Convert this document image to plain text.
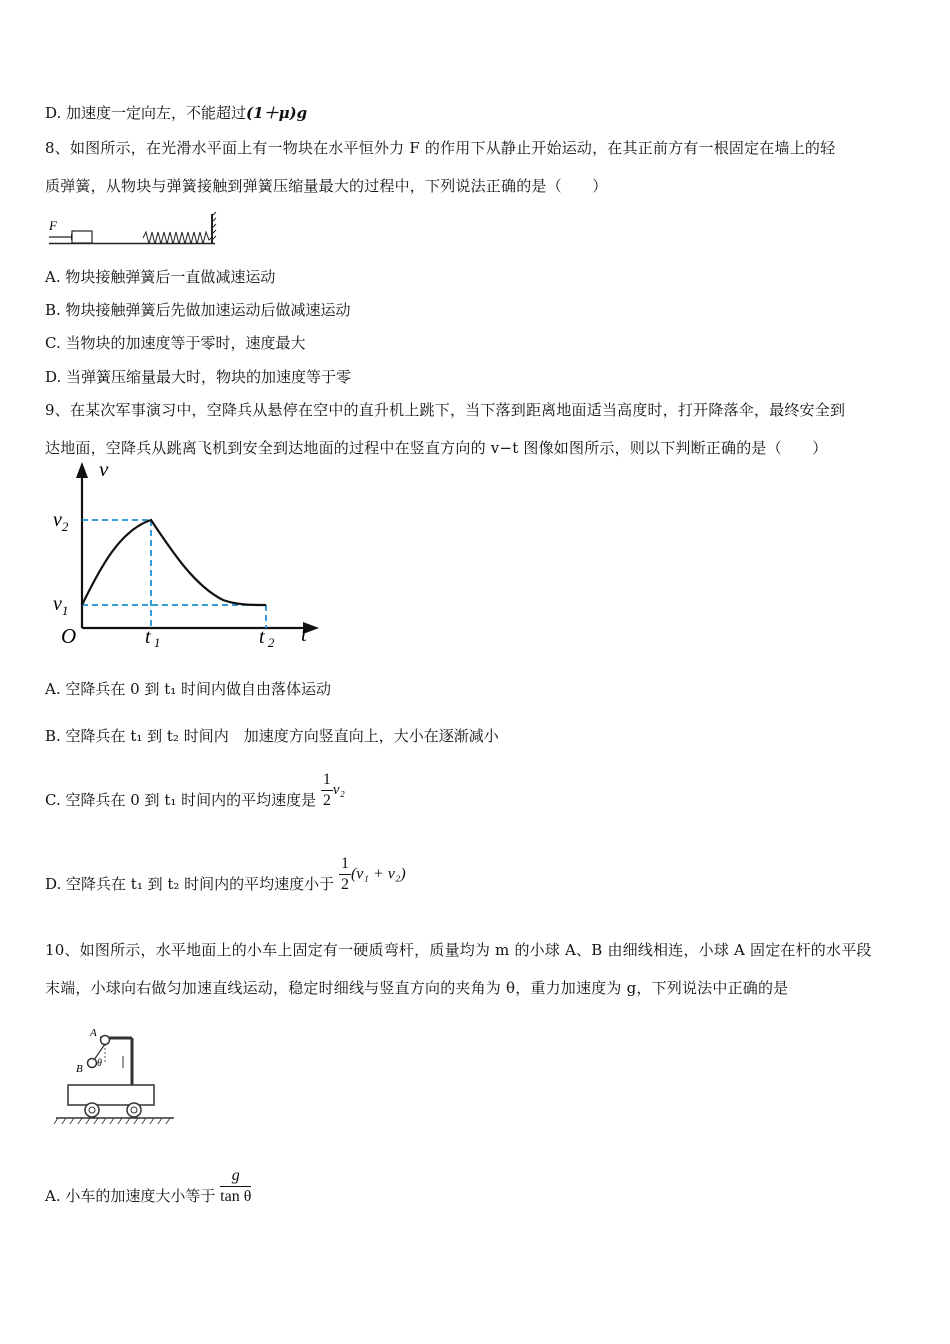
D. 加速度一定向左，不能超过(1＋μ)g
8、如图所示，在光滑水平面上有一物块在水平恒外力 F 的作用下从静止开始运动，在其正前方有一根固定在墙上的轻
质弹簧，从物块与弹簧接触到弹簧压缩量最大的过程中，下列说法正确的是（　　）
F
A. 物块接触弹簧后一直做减速运动
B. 物块接触弹簧后先做加速运动后做减速运动
C. 当物块的加速度等于零时，速度最大
D. 当弹簧压缩量最大时，物块的加速度等于零
9、在某次军事演习中，空降兵从悬停在空中的直升机上跳下，当下落到距离地面适当高度时，打开降落伞，最终安全到
达地面，空降兵从跳离飞机到安全到达地面的过程中在竖直方向的 v−t 图像如图所示，则以下判断正确的是（　　）
v
t
O
$v_2$
$v_1$
t $_1$	t $_2$
A. 空降兵在 0 到 t₁ 时间内做自由落体运动
B. 空降兵在 t₁ 到 t₂ 时间内　加速度方向竖直向上，大小在逐渐减小
C. 空降兵在 0 到 t₁ 时间内的平均速度是 $\frac{1}{2} v_2$
D. 空降兵在 t₁ 到 t₂ 时间内的平均速度小于 $\frac{1}{2} (v_1 + v_2)$
10、如图所示，水平地面上的小车上固定有一硬质弯杆，质量均为 m 的小球 A、B 由细线相连，小球 A 固定在杆的水平段
末端，小球向右做匀加速直线运动，稳定时细线与竖直方向的夹角为 θ，重力加速度为 g，下列说法中正确的是
A
B θ
A. 小车的加速度大小等于 $\frac{g}{\text{tan θ}}$
